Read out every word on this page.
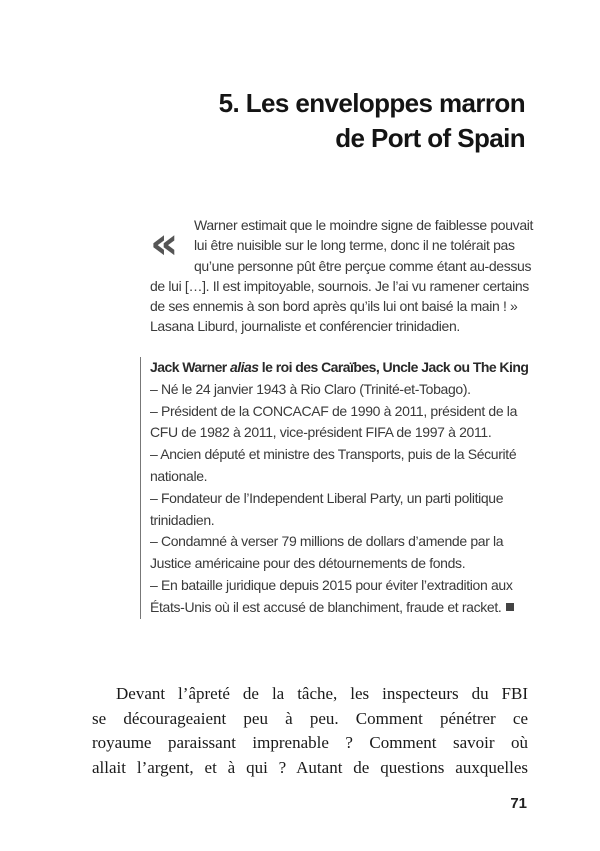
5. Les enveloppes marron
de Port of Spain
«	Warner estimait que le moindre signe de faiblesse pouvait
lui être nuisible sur le long terme, donc il ne tolérait pas
qu’une personne pût être perçue comme étant au-dessus
de lui […]. Il est impitoyable, sournois. Je l’ai vu ramener certains
de ses ennemis à son bord après qu’ils lui ont baisé la main ! »
Lasana Liburd, journaliste et conférencier trinidadien.
Jack Warner alias le roi des Caraïbes, Uncle Jack ou The King
– Né le 24 janvier 1943 à Rio Claro (Trinité-et-Tobago).
– Président de la CONCACAF de 1990 à 2011, président de la
CFU de 1982 à 2011, vice-président FIFA de 1997 à 2011.
– Ancien député et ministre des Transports, puis de la Sécurité
nationale.
– Fondateur de l’Independent Liberal Party, un parti politique
trinidadien.
– Condamné à verser 79 millions de dollars d’amende par la
Justice américaine pour des détournements de fonds.
– En bataille juridique depuis 2015 pour éviter l’extradition aux
États-Unis où il est accusé de blanchiment, fraude et racket.
Devant l’âpreté de la tâche, les inspecteurs du FBI
se décourageaient peu à peu. Comment pénétrer ce
royaume paraissant imprenable ? Comment savoir où
allait l’argent, et à qui ? Autant de questions auxquelles
71
